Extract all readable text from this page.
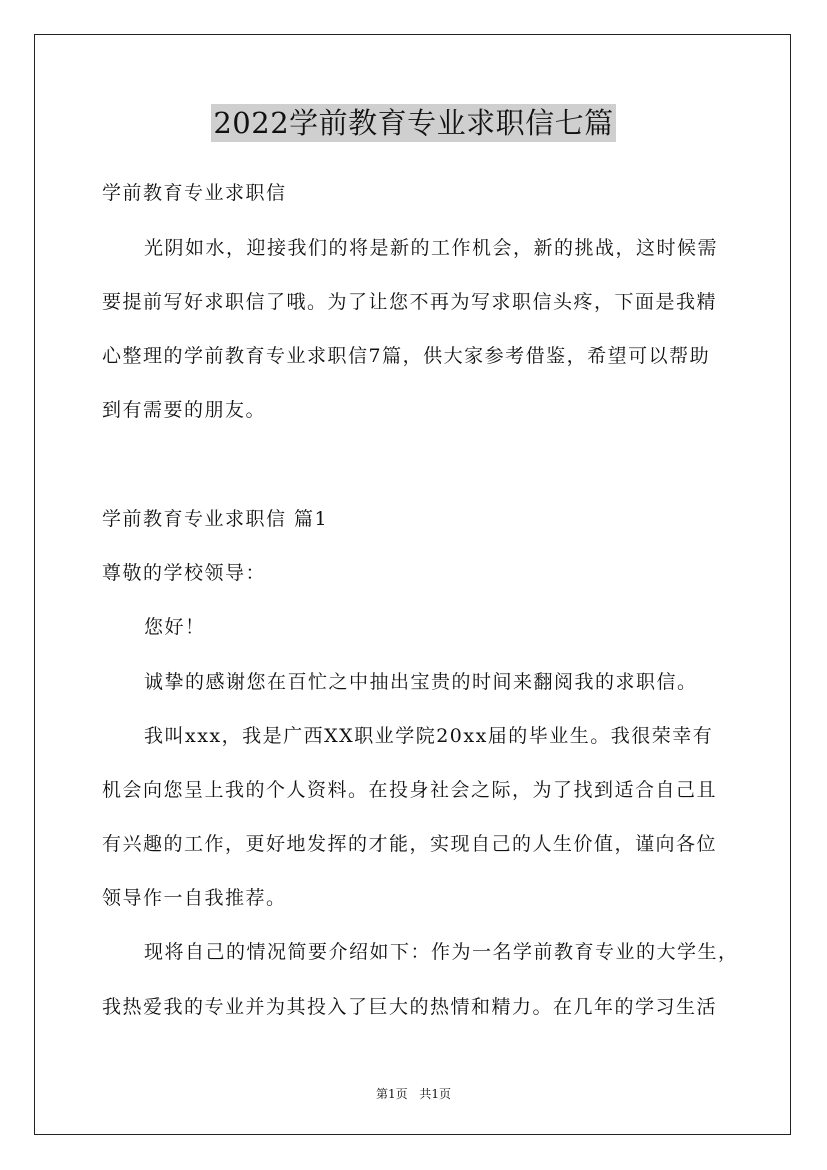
2022学前教育专业求职信七篇
学前教育专业求职信
光阴如水，迎接我们的将是新的工作机会，新的挑战，这时候需
要提前写好求职信了哦。为了让您不再为写求职信头疼，下面是我精
心整理的学前教育专业求职信7篇，供大家参考借鉴，希望可以帮助
到有需要的朋友。
学前教育专业求职信 篇1
尊敬的学校领导：
您好！
诚挚的感谢您在百忙之中抽出宝贵的时间来翻阅我的求职信。
我叫xxx，我是广西XX职业学院20xx届的毕业生。我很荣幸有
机会向您呈上我的个人资料。在投身社会之际，为了找到适合自己且
有兴趣的工作，更好地发挥的才能，实现自己的人生价值，谨向各位
领导作一自我推荐。
现将自己的情况简要介绍如下：作为一名学前教育专业的大学生，
我热爱我的专业并为其投入了巨大的热情和精力。在几年的学习生活
第1页 共1页
